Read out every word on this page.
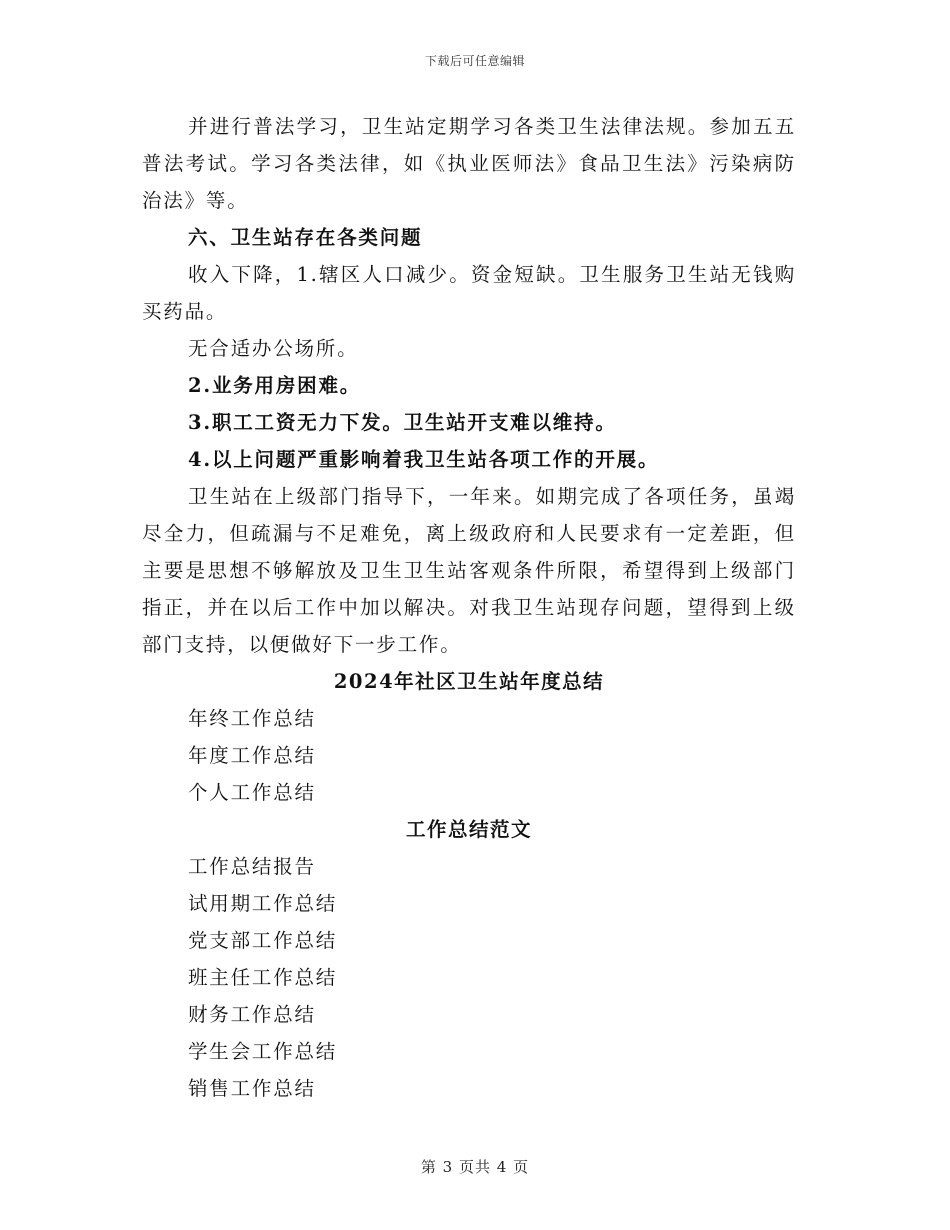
下载后可任意编辑

并进行普法学习，卫生站定期学习各类卫生法律法规。参加五五普法考试。学习各类法律，如《执业医师法》食品卫生法》污染病防治法》等。

六、卫生站存在各类问题

收入下降，1.辖区人口减少。资金短缺。卫生服务卫生站无钱购买药品。

无合适办公场所。

2.业务用房困难。

3.职工工资无力下发。卫生站开支难以维持。

4.以上问题严重影响着我卫生站各项工作的开展。

卫生站在上级部门指导下，一年来。如期完成了各项任务，虽竭尽全力，但疏漏与不足难免，离上级政府和人民要求有一定差距，但主要是思想不够解放及卫生卫生站客观条件所限，希望得到上级部门指正，并在以后工作中加以解决。对我卫生站现存问题，望得到上级部门支持，以便做好下一步工作。

2024年社区卫生站年度总结

年终工作总结

年度工作总结

个人工作总结

工作总结范文

工作总结报告

试用期工作总结

党支部工作总结

班主任工作总结

财务工作总结

学生会工作总结

销售工作总结

第 3 页共 4 页
